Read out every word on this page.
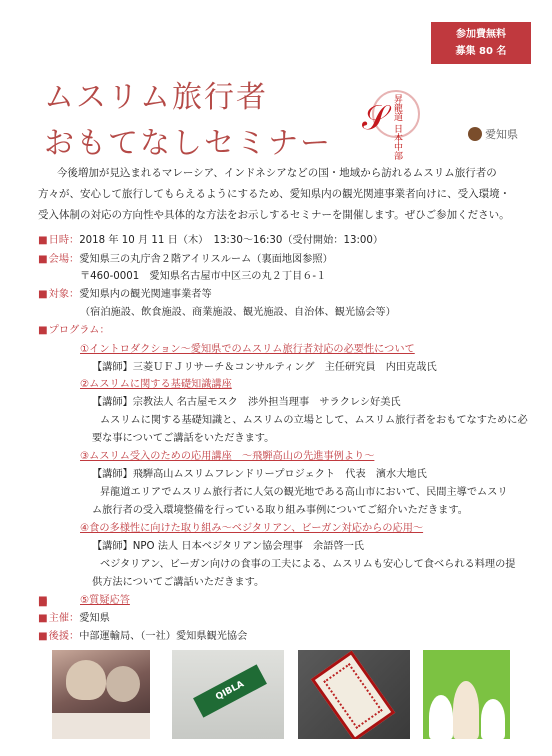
参加費無料
募集 80 名
ムスリム旅行者
おもてなしセミナー
𝒮 昇龍道 日本中部	愛知県
今後増加が見込まれるマレーシア、インドネシアなどの国・地域から訪れるムスリム旅行者の方々が、安心して旅行してもらえるようにするため、愛知県内の観光関連事業者向けに、受入環境・受入体制の対応の方向性や具体的な方法をお示しするセミナーを開催します。ぜひご参加ください。
■ 日時：2018 年 10 月 11 日（木）　13:30～16:30（受付開始：13:00）
■ 会場：愛知県三の丸庁舎２階アイリスルーム（裏面地図参照）
〒460-0001　愛知県名古屋市中区三の丸２丁目６-１
■ 対象：愛知県内の観光関連事業者等
（宿泊施設、飲食施設、商業施設、観光施設、自治体、観光協会等）
■ プログラム：
①イントロダクション～愛知県でのムスリム旅行者対応の必要性について
【講師】三菱ＵＦＪリサーチ＆コンサルティング　主任研究員　内田克哉氏
②ムスリムに関する基礎知識講座
【講師】宗教法人 名古屋モスク　渉外担当理事　サラクレシ好美氏
ムスリムに関する基礎知識と、ムスリムの立場として、ムスリム旅行者をおもてなすために必
要な事についてご講話をいただきます。
③ムスリム受入のための応用講座　～飛騨高山の先進事例より～
【講師】飛騨高山ムスリムフレンドリープロジェクト　代表　濱水大地氏
昇龍道エリアでムスリム旅行者に人気の観光地である高山市において、民間主導でムスリ
ム旅行者の受入環境整備を行っている取り組み事例についてご紹介いただきます。
④食の多様性に向けた取り組み～ベジタリアン、ビーガン対応からの応用～
【講師】NPO 法人 日本ベジタリアン協会理事　余語啓一氏
ベジタリアン、ビーガン向けの食事の工夫による、ムスリムも安心して食べられる料理の提
供方法についてご講話いただきます。
⑤質疑応答
■
■
■ 主催：愛知県
■ 後援：中部運輸局、（一社）愛知県観光協会
QIBLA
